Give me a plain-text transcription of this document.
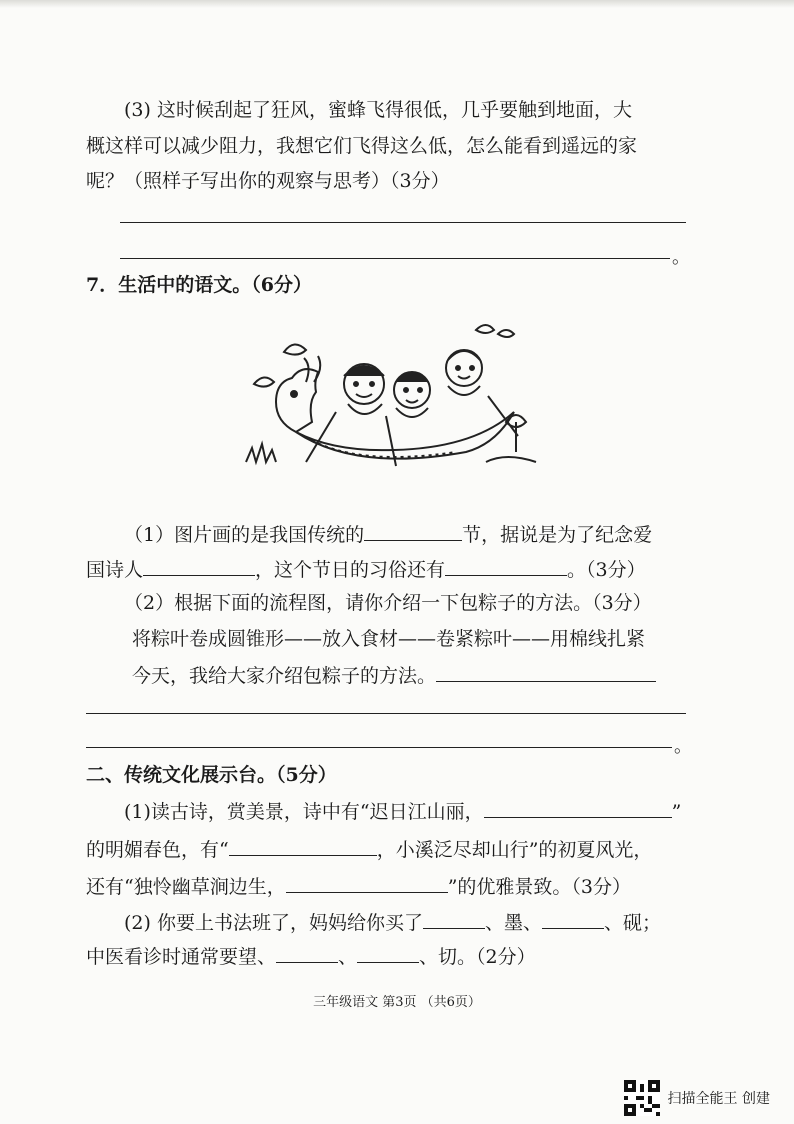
(3) 这时候刮起了狂风，蜜蜂飞得很低，几乎要触到地面，大
概这样可以减少阻力，我想它们飞得这么低，怎么能看到遥远的家
呢？（照样子写出你的观察与思考）（3分）
。
7．生活中的语文。（6分）
（1）图片画的是我国传统的	节，据说是为了纪念爱
国诗人	，这个节日的习俗还有	。（3分）
（2）根据下面的流程图，请你介绍一下包粽子的方法。（3分）
将粽叶卷成圆锥形——放入食材——卷紧粽叶——用棉线扎紧
今天，我给大家介绍包粽子的方法。
。
二、传统文化展示台。（5分）
(1)读古诗，赏美景，诗中有“迟日江山丽，	”
的明媚春色，有“	，小溪泛尽却山行”的初夏风光，
还有“独怜幽草涧边生，	”的优雅景致。（3分）
(2) 你要上书法班了，妈妈给你买了	、墨、	、砚；
中医看诊时通常要望、	、	、切。（2分）
三年级语文 第3页 （共6页）
扫描全能王 创建
